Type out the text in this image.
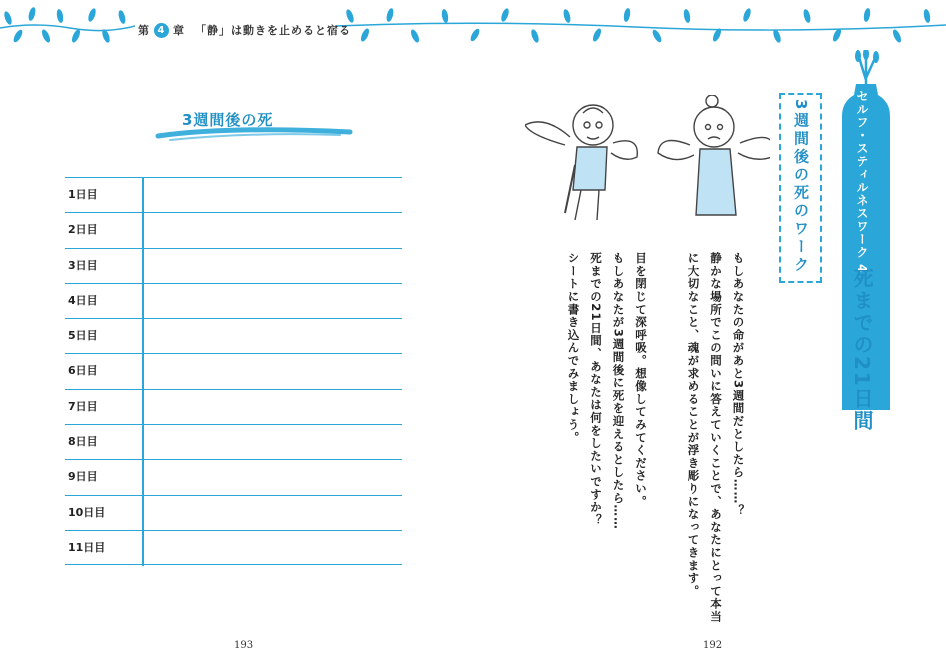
第 4 章 「静」は動きを止めると宿る
3週間後の死
1日目
2日目
3日目
4日目
5日目
6日目
7日目
8日目
9日目
10日目
11日目
193
セルフ・スティルネスワーク 4
死までの21日間
3週間後の死のワーク
もしあなたの命があと3週間だとしたら……？
静かな場所でこの問いに答えていくことで、あなたにとって本当
に大切なこと、魂が求めることが浮き彫りになってきます。
目を閉じて深呼吸。想像してみてください。
もしあなたが3週間後に死を迎えるとしたら……
死までの21日間、あなたは何をしたいですか？
シートに書き込んでみましょう。
192
